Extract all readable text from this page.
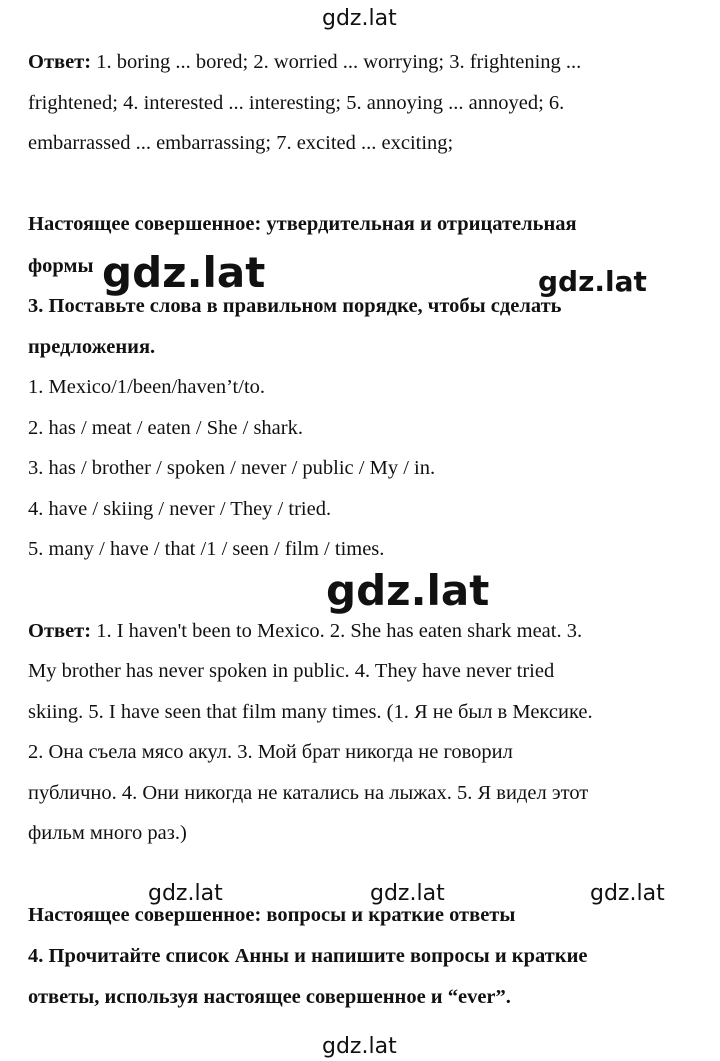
gdz.lat
Ответ: 1. boring ... bored; 2. worried ... worrying; 3. frightening ...
frightened; 4. interested ... interesting; 5. annoying ... annoyed; 6.
embarrassed ... embarrassing; 7. excited ... exciting;
Настоящее совершенное: утвердительная и отрицательная
формы gdz.lat	gdz.lat
3. Поставьте слова в правильном порядке, чтобы сделать
предложения.
1. Mexico/1/been/haven’t/to.
2. has / meat / eaten / She / shark.
3. has / brother / spoken / never / public / My / in.
4. have / skiing / never / They / tried.
5. many / have / that /1 / seen / film / times.
gdz.lat
Ответ: 1. I haven't been to Mexico. 2. She has eaten shark meat. 3.
My brother has never spoken in public. 4. They have never tried
skiing. 5. I have seen that film many times. (1. Я не был в Мексике.
2. Она съела мясо акул. 3. Мой брат никогда не говорил
публично. 4. Они никогда не катались на лыжах. 5. Я видел этот
фильм много раз.)
Настоящее совершенное: вопросы и краткие ответы
gdz.lat	gdz.lat	gdz.lat
4. Прочитайте список Анны и напишите вопросы и краткие
ответы, используя настоящее совершенное и “ever”.
gdz.lat
